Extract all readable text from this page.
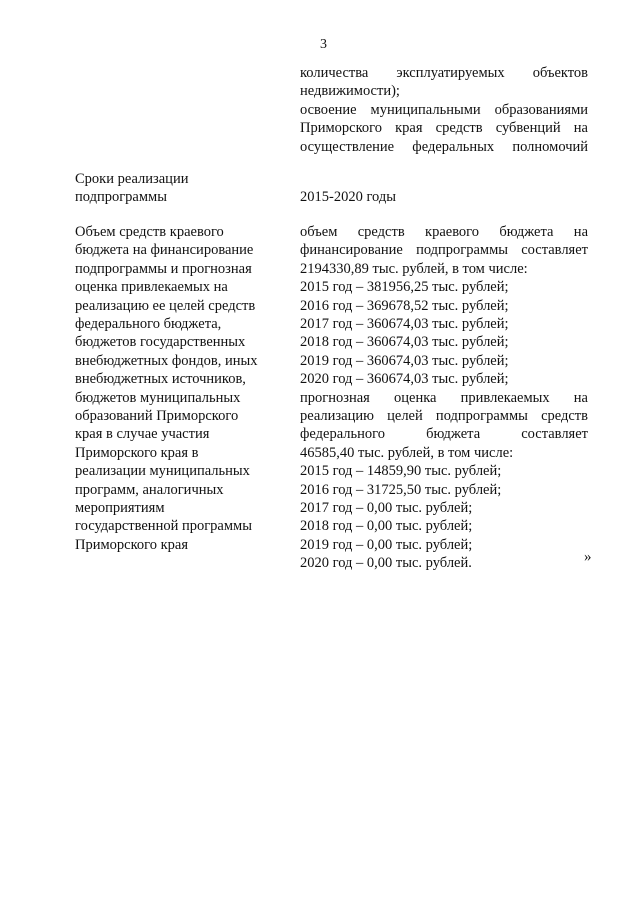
3
количества эксплуатируемых объектов
недвижимости);
освоение муниципальными образованиями
Приморского края средств субвенций на
осуществление федеральных полномочий
Сроки реализации
подпрограммы	2015-2020 годы
Объем средств краевого
бюджета на финансирование
подпрограммы и прогнозная
оценка привлекаемых на
реализацию ее целей средств
федерального бюджета,
бюджетов государственных
внебюджетных фондов, иных
внебюджетных источников,
бюджетов муниципальных
образований Приморского
края в случае участия
Приморского края в
реализации муниципальных
программ, аналогичных
мероприятиям
государственной программы
Приморского края
объем средств краевого бюджета на
финансирование подпрограммы составляет
2194330,89 тыс. рублей, в том числе:
2015 год – 381956,25 тыс. рублей;
2016 год – 369678,52 тыс. рублей;
2017 год – 360674,03 тыс. рублей;
2018 год – 360674,03 тыс. рублей;
2019 год – 360674,03 тыс. рублей;
2020 год – 360674,03 тыс. рублей;
прогнозная оценка привлекаемых на
реализацию целей подпрограммы средств
федерального бюджета составляет
46585,40 тыс. рублей, в том числе:
2015 год – 14859,90 тыс. рублей;
2016 год – 31725,50 тыс. рублей;
2017 год – 0,00 тыс. рублей;
2018 год – 0,00 тыс. рублей;
2019 год – 0,00 тыс. рублей;
2020 год – 0,00 тыс. рублей.	»
